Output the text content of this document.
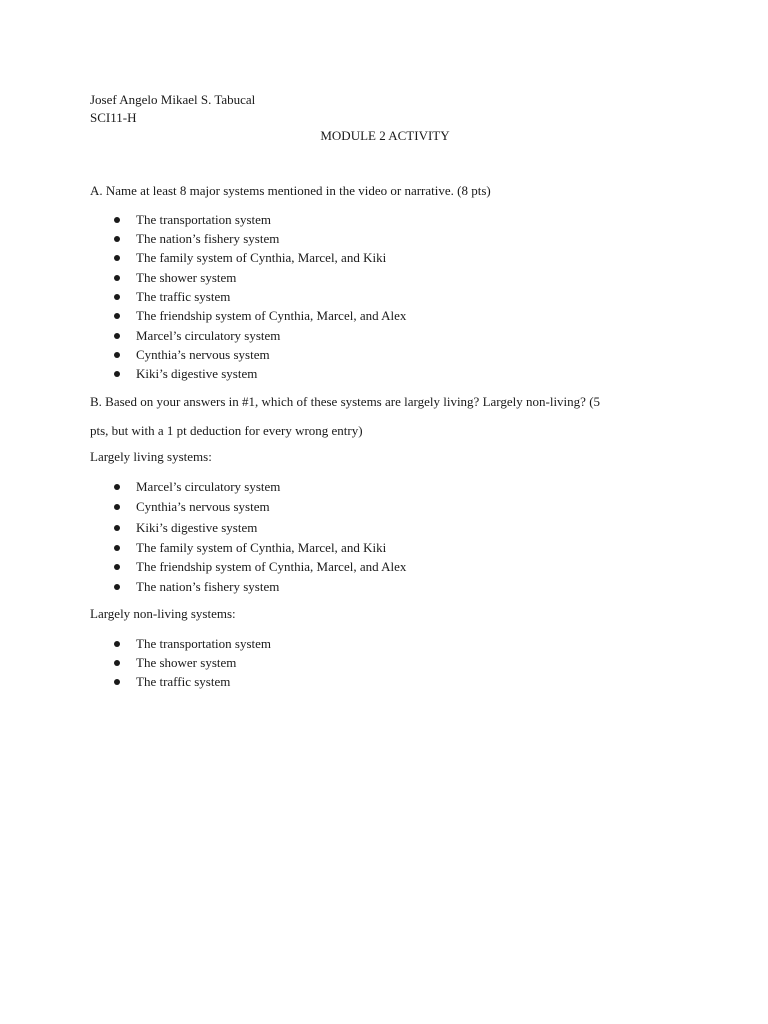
Josef Angelo Mikael S. Tabucal
SCI11-H
MODULE 2 ACTIVITY
A. Name at least 8 major systems mentioned in the video or narrative. (8 pts)
The transportation system
The nation’s fishery system
The family system of Cynthia, Marcel, and Kiki
The shower system
The traffic system
The friendship system of Cynthia, Marcel, and Alex
Marcel’s circulatory system
Cynthia’s nervous system
Kiki’s digestive system
B. Based on your answers in #1, which of these systems are largely living? Largely non-living? (5
pts, but with a 1 pt deduction for every wrong entry)
Largely living systems:
Marcel’s circulatory system
Cynthia’s nervous system
Kiki’s digestive system
The family system of Cynthia, Marcel, and Kiki
The friendship system of Cynthia, Marcel, and Alex
The nation’s fishery system
Largely non-living systems:
The transportation system
The shower system
The traffic system
